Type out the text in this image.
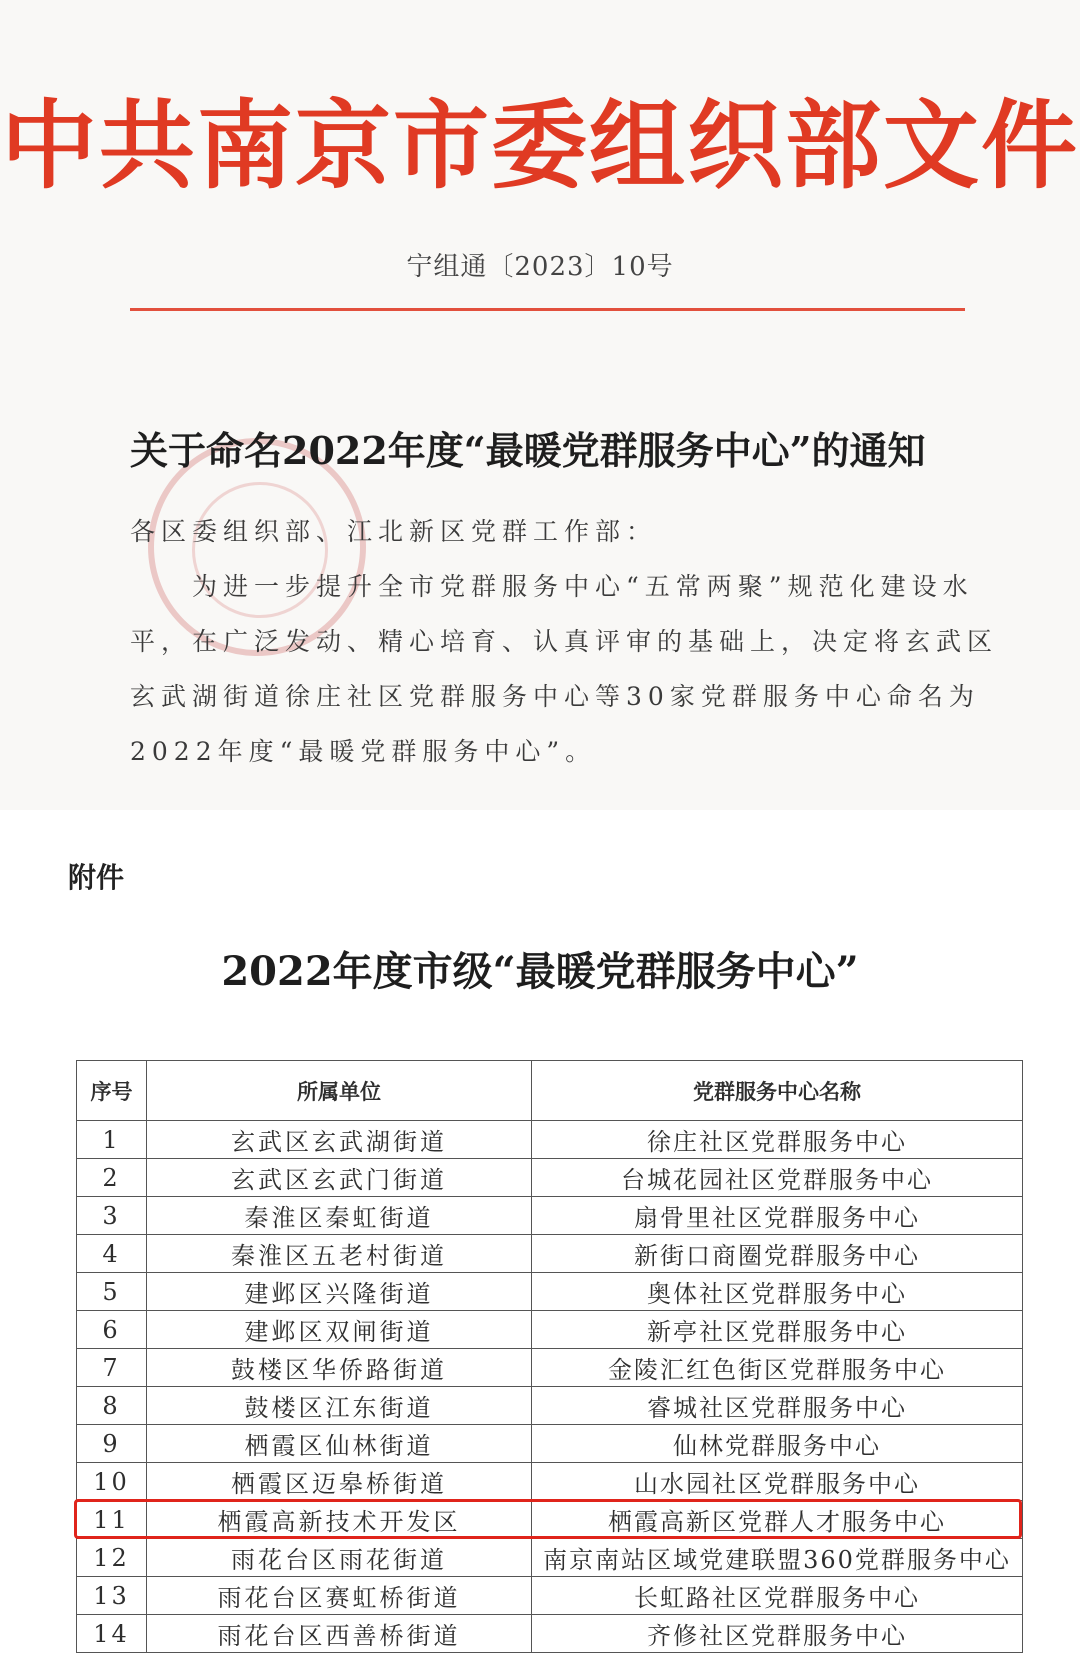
中共南京市委组织部文件
宁组通〔2023〕10号
关于命名2022年度“最暖党群服务中心”的通知
各区委组织部、江北新区党群工作部：
　　为进一步提升全市党群服务中心“五常两聚”规范化建设水
平，在广泛发动、精心培育、认真评审的基础上，决定将玄武区
玄武湖街道徐庄社区党群服务中心等30家党群服务中心命名为
2022年度“最暖党群服务中心”。
附件
2022年度市级“最暖党群服务中心”
序号	所属单位	党群服务中心名称
1	玄武区玄武湖街道	徐庄社区党群服务中心
2	玄武区玄武门街道	台城花园社区党群服务中心
3	秦淮区秦虹街道	扇骨里社区党群服务中心
4	秦淮区五老村街道	新街口商圈党群服务中心
5	建邺区兴隆街道	奥体社区党群服务中心
6	建邺区双闸街道	新亭社区党群服务中心
7	鼓楼区华侨路街道	金陵汇红色街区党群服务中心
8	鼓楼区江东街道	睿城社区党群服务中心
9	栖霞区仙林街道	仙林党群服务中心
10	栖霞区迈皋桥街道	山水园社区党群服务中心
11	栖霞高新技术开发区	栖霞高新区党群人才服务中心
12	雨花台区雨花街道	南京南站区域党建联盟360党群服务中心
13	雨花台区赛虹桥街道	长虹路社区党群服务中心
14	雨花台区西善桥街道	齐修社区党群服务中心
